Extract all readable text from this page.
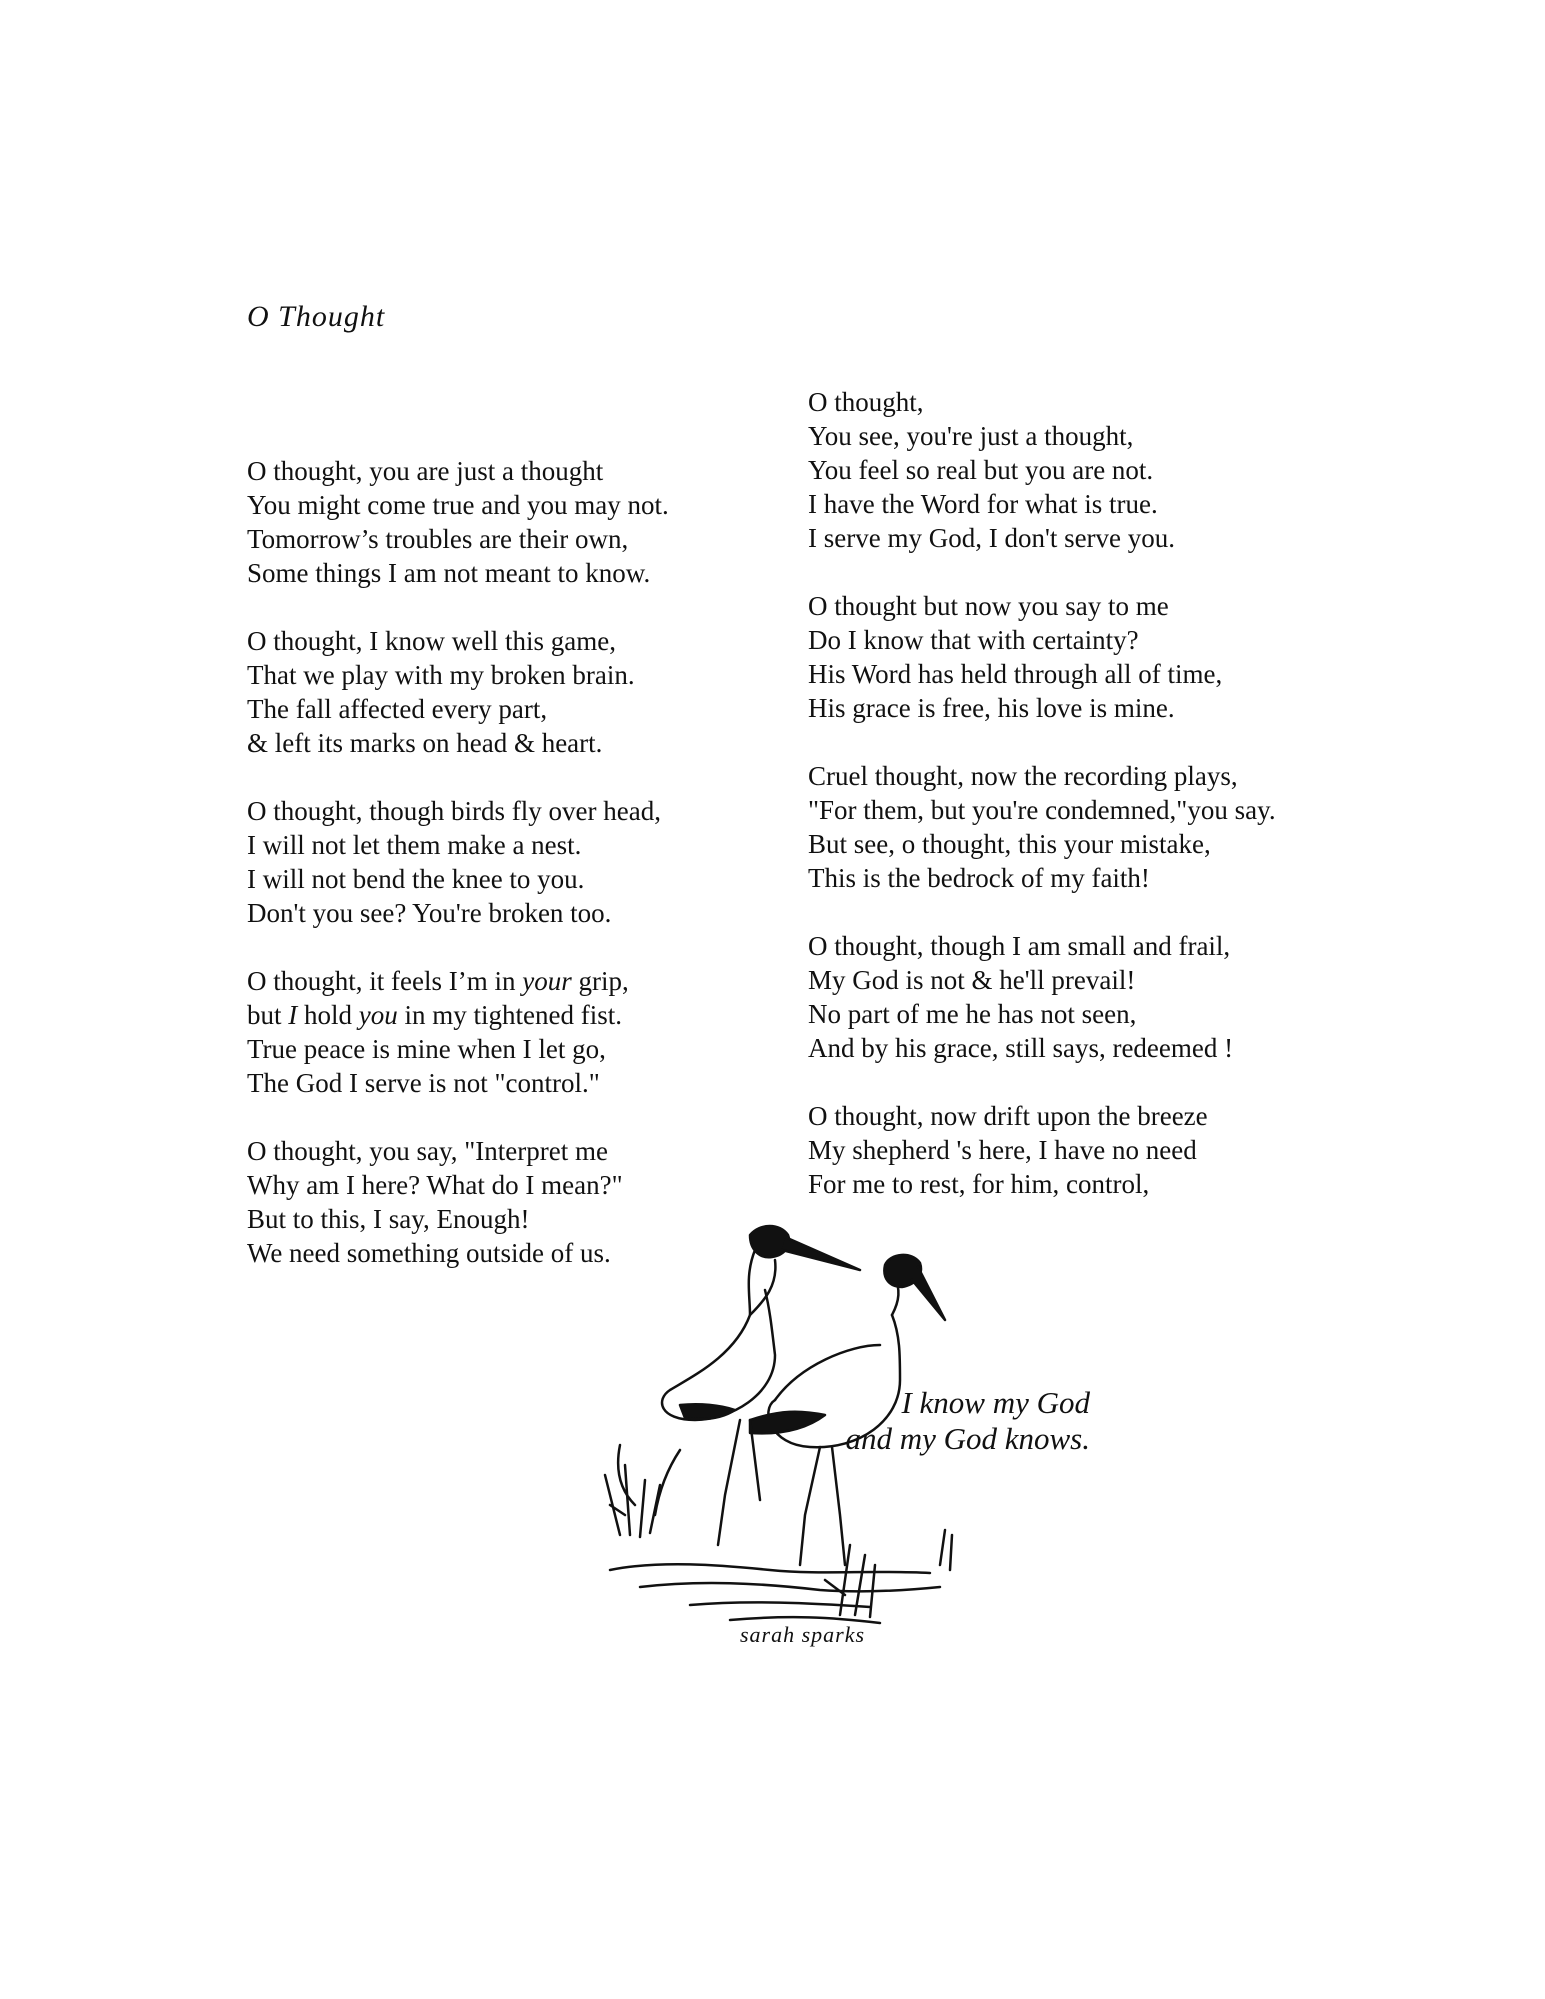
O Thought
O thought, you are just a thought
You might come true and you may not.
Tomorrow’s troubles are their own,
Some things I am not meant to know.
O thought, I know well this game,
That we play with my broken brain.
The fall affected every part,
& left its marks on head & heart.
O thought, though birds fly over head,
I will not let them make a nest.
I will not bend the knee to you.
Don't you see? You're broken too.
O thought, it feels I’m in your grip,
but I hold you in my tightened fist.
True peace is mine when I let go,
The God I serve is not "control."
O thought, you say, "Interpret me
Why am I here? What do I mean?"
But to this, I say, Enough!
We need something outside of us.
O thought,
You see, you're just a thought,
You feel so real but you are not.
I have the Word for what is true.
I serve my God, I don't serve you.
O thought but now you say to me
Do I know that with certainty?
His Word has held through all of time,
His grace is free, his love is mine.
Cruel thought, now the recording plays,
"For them, but you're condemned,"you say.
But see, o thought, this your mistake,
This is the bedrock of my faith!
O thought, though I am small and frail,
My God is not & he'll prevail!
No part of me he has not seen,
And by his grace, still says, redeemed !
O thought, now drift upon the breeze
My shepherd 's here, I have no need
For me to rest, for him, control,
I know my God
and my God knows.
sarah sparks
